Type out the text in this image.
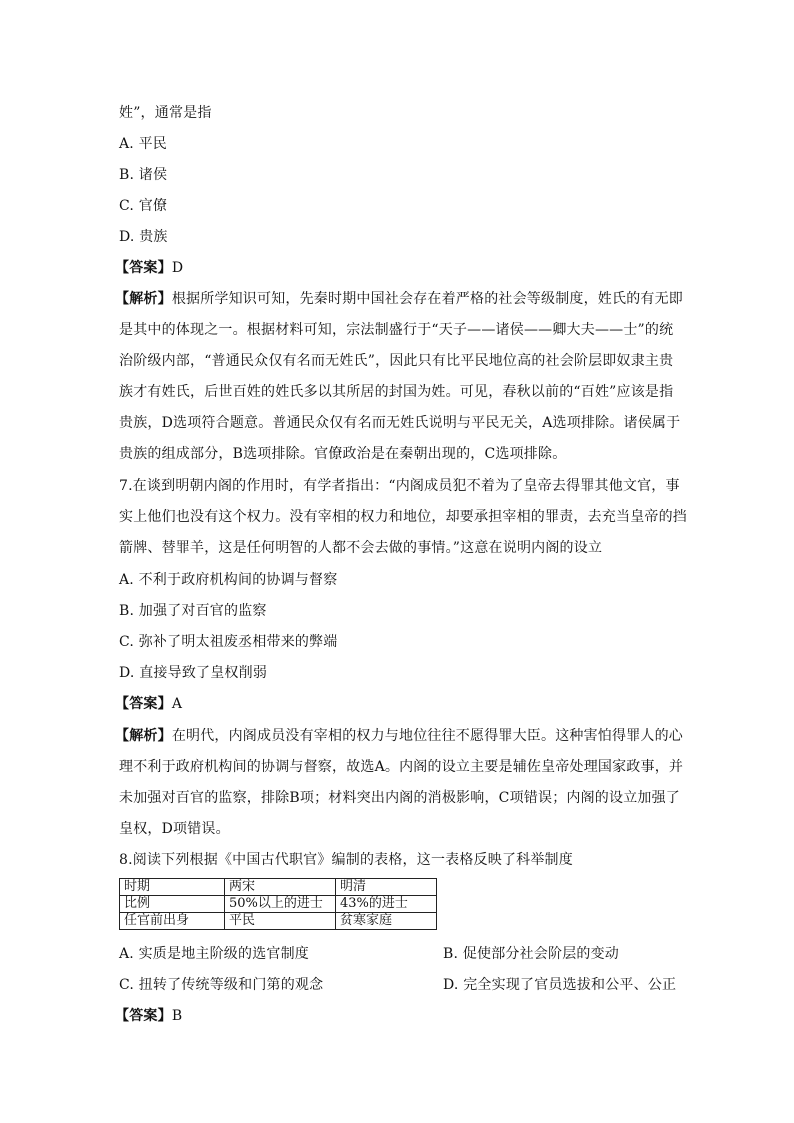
姓”，通常是指
A. 平民
B. 诸侯
C. 官僚
D. 贵族
【答案】D
【解析】根据所学知识可知，先秦时期中国社会存在着严格的社会等级制度，姓氏的有无即
是其中的体现之一。根据材料可知，宗法制盛行于“天子——诸侯——卿大夫——士”的统
治阶级内部，“普通民众仅有名而无姓氏”，因此只有比平民地位高的社会阶层即奴隶主贵
族才有姓氏，后世百姓的姓氏多以其所居的封国为姓。可见，春秋以前的“百姓”应该是指
贵族，D选项符合题意。普通民众仅有名而无姓氏说明与平民无关，A选项排除。诸侯属于
贵族的组成部分，B选项排除。官僚政治是在秦朝出现的，C选项排除。
7.在谈到明朝内阁的作用时，有学者指出：“内阁成员犯不着为了皇帝去得罪其他文官，事
实上他们也没有这个权力。没有宰相的权力和地位，却要承担宰相的罪责，去充当皇帝的挡
箭牌、替罪羊，这是任何明智的人都不会去做的事情。”这意在说明内阁的设立
A. 不利于政府机构间的协调与督察
B. 加强了对百官的监察
C. 弥补了明太祖废丞相带来的弊端
D. 直接导致了皇权削弱
【答案】A
【解析】在明代，内阁成员没有宰相的权力与地位往往不愿得罪大臣。这种害怕得罪人的心
理不利于政府机构间的协调与督察，故选A。内阁的设立主要是辅佐皇帝处理国家政事，并
未加强对百官的监察，排除B项；材料突出内阁的消极影响，C项错误；内阁的设立加强了
皇权，D项错误。
8.阅读下列根据《中国古代职官》编制的表格，这一表格反映了科举制度
时期	两宋	明清
比例	50%以上的进士	43%的进士
任官前出身	平民	贫寒家庭
A. 实质是地主阶级的选官制度	B. 促使部分社会阶层的变动
C. 扭转了传统等级和门第的观念	D. 完全实现了官员选拔和公平、公正
【答案】B
